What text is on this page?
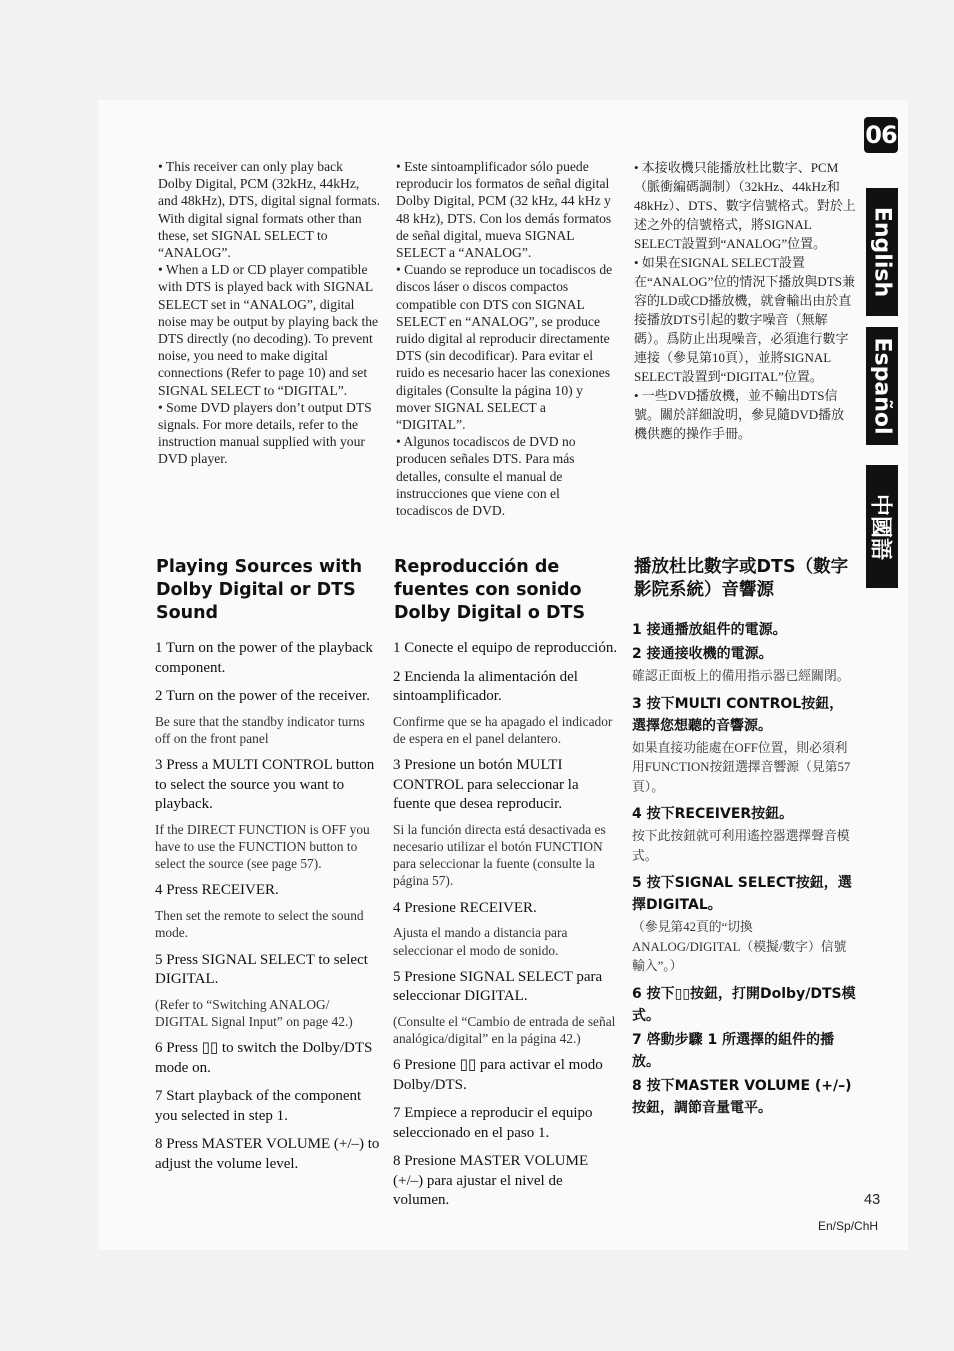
• This receiver can only play back Dolby Digital, PCM (32kHz, 44kHz, and 48kHz), DTS, digital signal formats. With digital signal formats other than these, set SIGNAL SELECT to “ANALOG”.

• When a LD or CD player compatible with DTS is played back with SIGNAL SELECT set in “ANALOG”, digital noise may be output by playing back the DTS directly (no decoding). To prevent noise, you need to make digital connections (Refer to page 10) and set SIGNAL SELECT to “DIGITAL”.

• Some DVD players don’t output DTS signals. For more details, refer to the instruction manual supplied with your DVD player.

• Este sintoamplificador sólo puede reproducir los formatos de señal digital Dolby Digital, PCM (32 kHz, 44 kHz y 48 kHz), DTS. Con los demás formatos de señal digital, mueva SIGNAL SELECT a “ANALOG”.

• Cuando se reproduce un tocadiscos de discos láser o discos compactos compatible con DTS con SIGNAL SELECT en “ANALOG”, se produce ruido digital al reproducir directamente DTS (sin decodificar). Para evitar el ruido es necesario hacer las conexiones digitales (Consulte la página 10) y mover SIGNAL SELECT a “DIGITAL”.

• Algunos tocadiscos de DVD no producen señales DTS. Para más detalles, consulte el manual de instrucciones que viene con el tocadiscos de DVD.

• 本接收機只能播放杜比數字、PCM（脈衝編碼調制）（32kHz、44kHz和48kHz）、DTS、數字信號格式。對於上述之外的信號格式，將SIGNAL SELECT設置到“ANALOG”位置。

• 如果在SIGNAL SELECT設置在“ANALOG”位的情況下播放與DTS兼容的LD或CD播放機，就會輸出由於直接播放DTS引起的數字噪音（無解碼）。爲防止出現噪音，必須進行數字連接（參見第10頁），並將SIGNAL SELECT設置到“DIGITAL”位置。

• 一些DVD播放機，並不輸出DTS信號。關於詳細說明，參見隨DVD播放機供應的操作手冊。

Playing Sources with Dolby Digital or DTS Sound
Reproducción de fuentes con sonido Dolby Digital o DTS
播放杜比數字或DTS（數字影院系統）音響源

1 Turn on the power of the playback component.

2 Turn on the power of the receiver.

Be sure that the standby indicator turns off on the front panel

3 Press a MULTI CONTROL button to select the source you want to playback.

If the DIRECT FUNCTION is OFF you have to use the FUNCTION button to select the source (see page 57).

4 Press RECEIVER.

Then set the remote to select the sound mode.

5 Press SIGNAL SELECT to select DIGITAL.

(Refer to “Switching ANALOG/ DIGITAL Signal Input” on page 42.)

6 Press ▯▯ to switch the Dolby/DTS mode on.

7 Start playback of the component you selected in step 1.

8 Press MASTER VOLUME (+/–) to adjust the volume level.

1 Conecte el equipo de reproducción.

2 Encienda la alimentación del sintoamplificador.

Confirme que se ha apagado el indicador de espera en el panel delantero.

3 Presione un botón MULTI CONTROL para seleccionar la fuente que desea reproducir.

Si la función directa está desactivada es necesario utilizar el botón FUNCTION para seleccionar la fuente (consulte la página 57).

4 Presione RECEIVER.

Ajusta el mando a distancia para seleccionar el modo de sonido.

5 Presione SIGNAL SELECT para seleccionar DIGITAL.

(Consulte el “Cambio de entrada de señal analógica/digital” en la página 42.)

6 Presione ▯▯ para activar el modo Dolby/DTS.

7 Empiece a reproducir el equipo seleccionado en el paso 1.

8 Presione MASTER VOLUME (+/–) para ajustar el nivel de volumen.

1 接通播放組件的電源。

2 接通接收機的電源。

確認正面板上的備用指示器已經關閉。

3 按下MULTI CONTROL按鈕，選擇您想聽的音響源。

如果直接功能處在OFF位置，則必須利用FUNCTION按鈕選擇音響源（見第57頁）。

4 按下RECEIVER按鈕。

按下此按鈕就可利用遙控器選擇聲音模式。

5 按下SIGNAL SELECT按鈕，選擇DIGITAL。

（參見第42頁的“切換ANALOG/DIGITAL（模擬/數字）信號輸入”。）

6 按下▯▯按鈕，打開Dolby/DTS模式。

7 啓動步驟 1 所選擇的組件的播放。

8 按下MASTER VOLUME (+/–)按鈕，調節音量電平。

06
English
Español
中國語

43

En/Sp/ChH
